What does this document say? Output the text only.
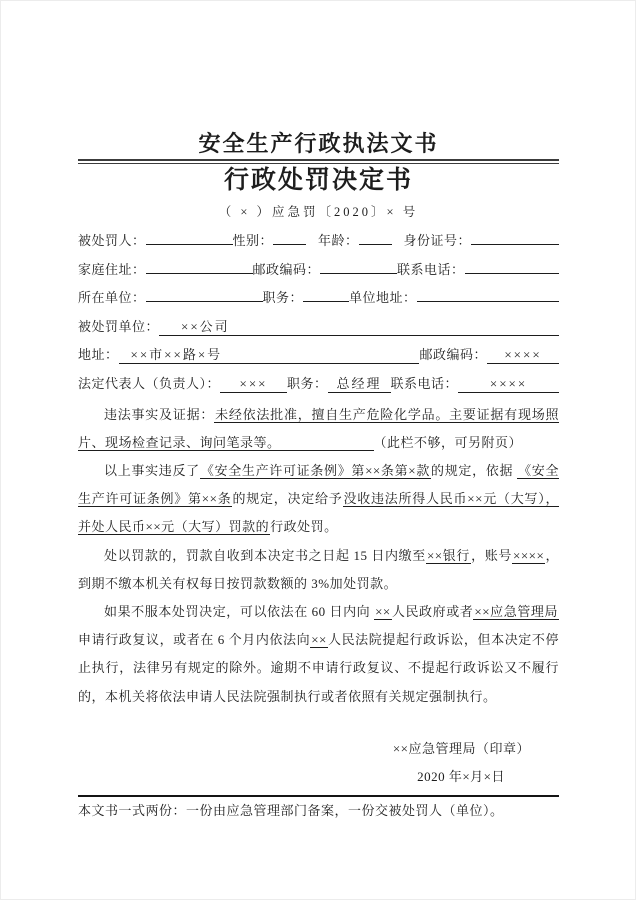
安全生产行政执法文书
行政处罚决定书
（ × ）应急罚〔2020〕× 号
被处罚人：	性别：	年龄：	身份证号：
家庭住址：	邮政编码：	联系电话：
所在单位：	职务：	单位地址：
被处罚单位：	××公司
地址： ××市××路×号	邮政编码：	××××
法定代表人（负责人）：	×××	职务： 总经理 联系电话：	××××

违法事实及证据：未经依法批准，擅自生产危险化学品。主要证据有现场照片、现场检查记录、询问笔录等。	（此栏不够，可另附页）

以上事实违反了《安全生产许可证条例》第××条第×款的规定，依据 《安全生产许可证条例》第××条的规定，决定给予没收违法所得人民币××元（大写），并处人民币××元（大写）罚款的行政处罚。

处以罚款的，罚款自收到本决定书之日起 15 日内缴至××银行，账号××××，到期不缴本机关有权每日按罚款数额的 3%加处罚款。

如果不服本处罚决定，可以依法在 60 日内向 ××人民政府或者××应急管理局 申请行政复议，或者在 6 个月内依法向××人民法院提起行政诉讼，但本决定不停止执行，法律另有规定的除外。逾期不申请行政复议、不提起行政诉讼又不履行的，本机关将依法申请人民法院强制执行或者依照有关规定强制执行。

××应急管理局（印章）
2020 年×月×日
本文书一式两份：一份由应急管理部门备案，一份交被处罚人（单位）。
